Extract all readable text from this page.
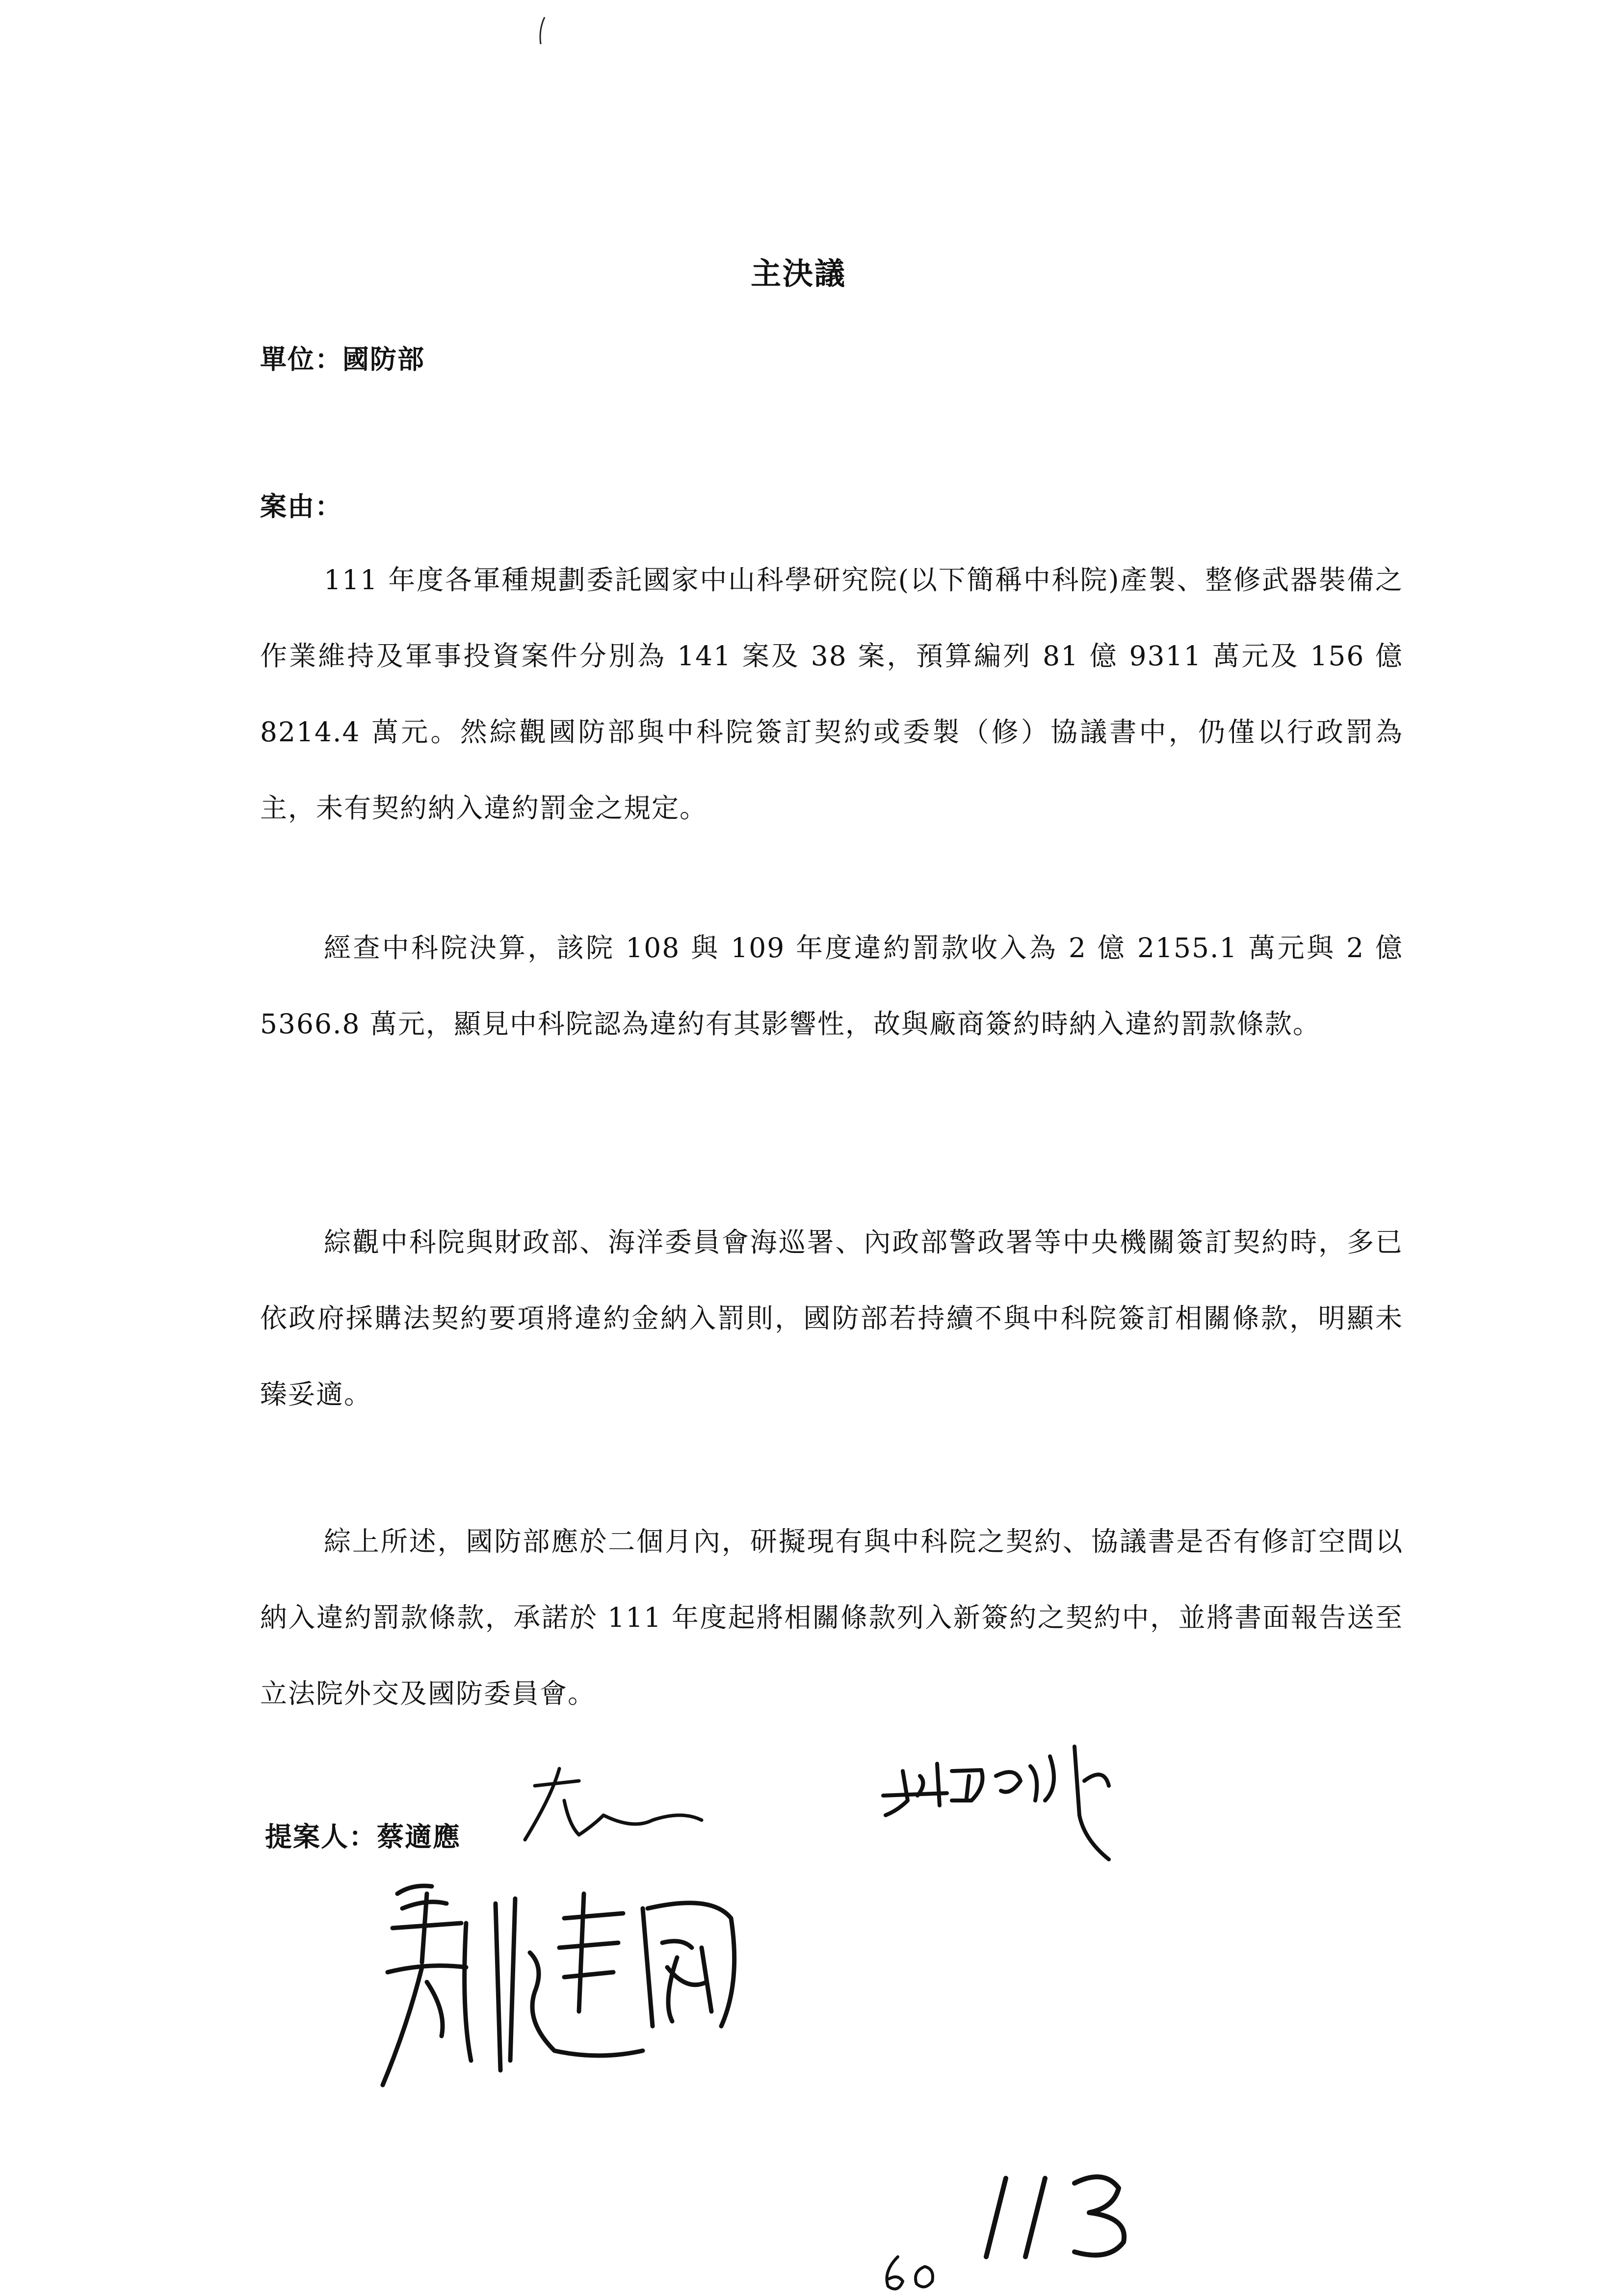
主決議

單位：國防部

案由：

111 年度各軍種規劃委託國家中山科學研究院(以下簡稱中科院)產製、整修武器裝備之作業維持及軍事投資案件分別為 141 案及 38 案，預算編列 81 億 9311 萬元及 156 億 8214.4 萬元。然綜觀國防部與中科院簽訂契約或委製（修）協議書中，仍僅以行政罰為主，未有契約納入違約罰金之規定。

經查中科院決算，該院 108 與 109 年度違約罰款收入為 2 億 2155.1 萬元與 2 億 5366.8 萬元，顯見中科院認為違約有其影響性，故與廠商簽約時納入違約罰款條款。

綜觀中科院與財政部、海洋委員會海巡署、內政部警政署等中央機關簽訂契約時，多已依政府採購法契約要項將違約金納入罰則，國防部若持續不與中科院簽訂相關條款，明顯未臻妥適。

綜上所述，國防部應於二個月內，研擬現有與中科院之契約、協議書是否有修訂空間以納入違約罰款條款，承諾於 111 年度起將相關條款列入新簽約之契約中，並將書面報告送至立法院外交及國防委員會。

提案人：蔡適應
